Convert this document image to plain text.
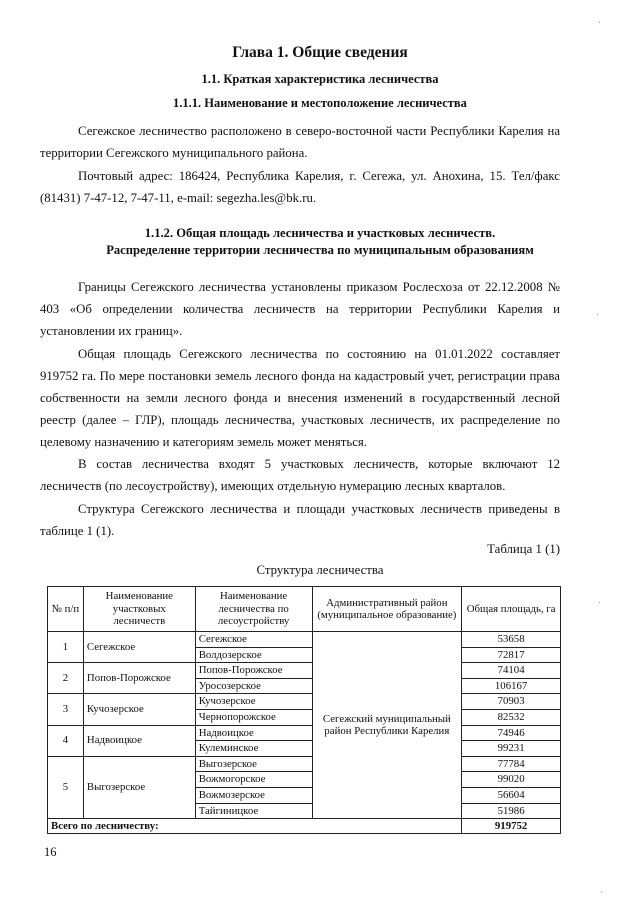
Глава 1. Общие сведения
1.1. Краткая характеристика лесничества
1.1.1. Наименование и местоположение лесничества

Сегежское лесничество расположено в северо-восточной части Республики Карелия на территории Сегежского муниципального района.

Почтовый адрес: 186424, Республика Карелия, г. Сегежа, ул. Анохина, 15. Тел/факс (81431) 7-47-12, 7-47-11, e-mail: segezha.les@bk.ru.

1.1.2. Общая площадь лесничества и участковых лесничеств.
Распределение территории лесничества по муниципальным образованиям

Границы Сегежского лесничества установлены приказом Рослесхоза от 22.12.2008 № 403 «Об определении количества лесничеств на территории Республики Карелия и установлении их границ».

Общая площадь Сегежского лесничества по состоянию на 01.01.2022 составляет 919752 га. По мере постановки земель лесного фонда на кадастровый учет, регистрации права собственности на земли лесного фонда и внесения изменений в государственный лесной реестр (далее – ГЛР), площадь лесничества, участковых лесничеств, их распределение по целевому назначению и категориям земель может меняться.

В состав лесничества входят 5 участковых лесничеств, которые включают 12 лесничеств (по лесоустройству), имеющих отдельную нумерацию лесных кварталов.

Структура Сегежского лесничества и площади участковых лесничеств приведены в таблице 1 (1).

Таблица 1 (1)
Структура лесничества
№ п/п	Наименование участковых лесничеств	Наименование лесничества по лесоустройству	Административный район (муниципальное образование)	Общая площадь, га
1	Сегежское	Сегежское	Сегежский муниципальный район Республики Карелия	53658
		Волдозерское		72817
2	Попов-Порожское	Попов-Порожское		74104
		Уросозерское		106167
3	Кучозерское	Кучозерское		70903
		Чернопорожское		82532
4	Надвоицкое	Надвоицкое		74946
		Кулеминское		99231
5	Выгозерское	Выгозерское		77784
		Вожмогорское		99020
		Вожмозерское		56604
		Тайгиницкое		51986
Всего по лесничеству:				919752
16
·
·
·
·
